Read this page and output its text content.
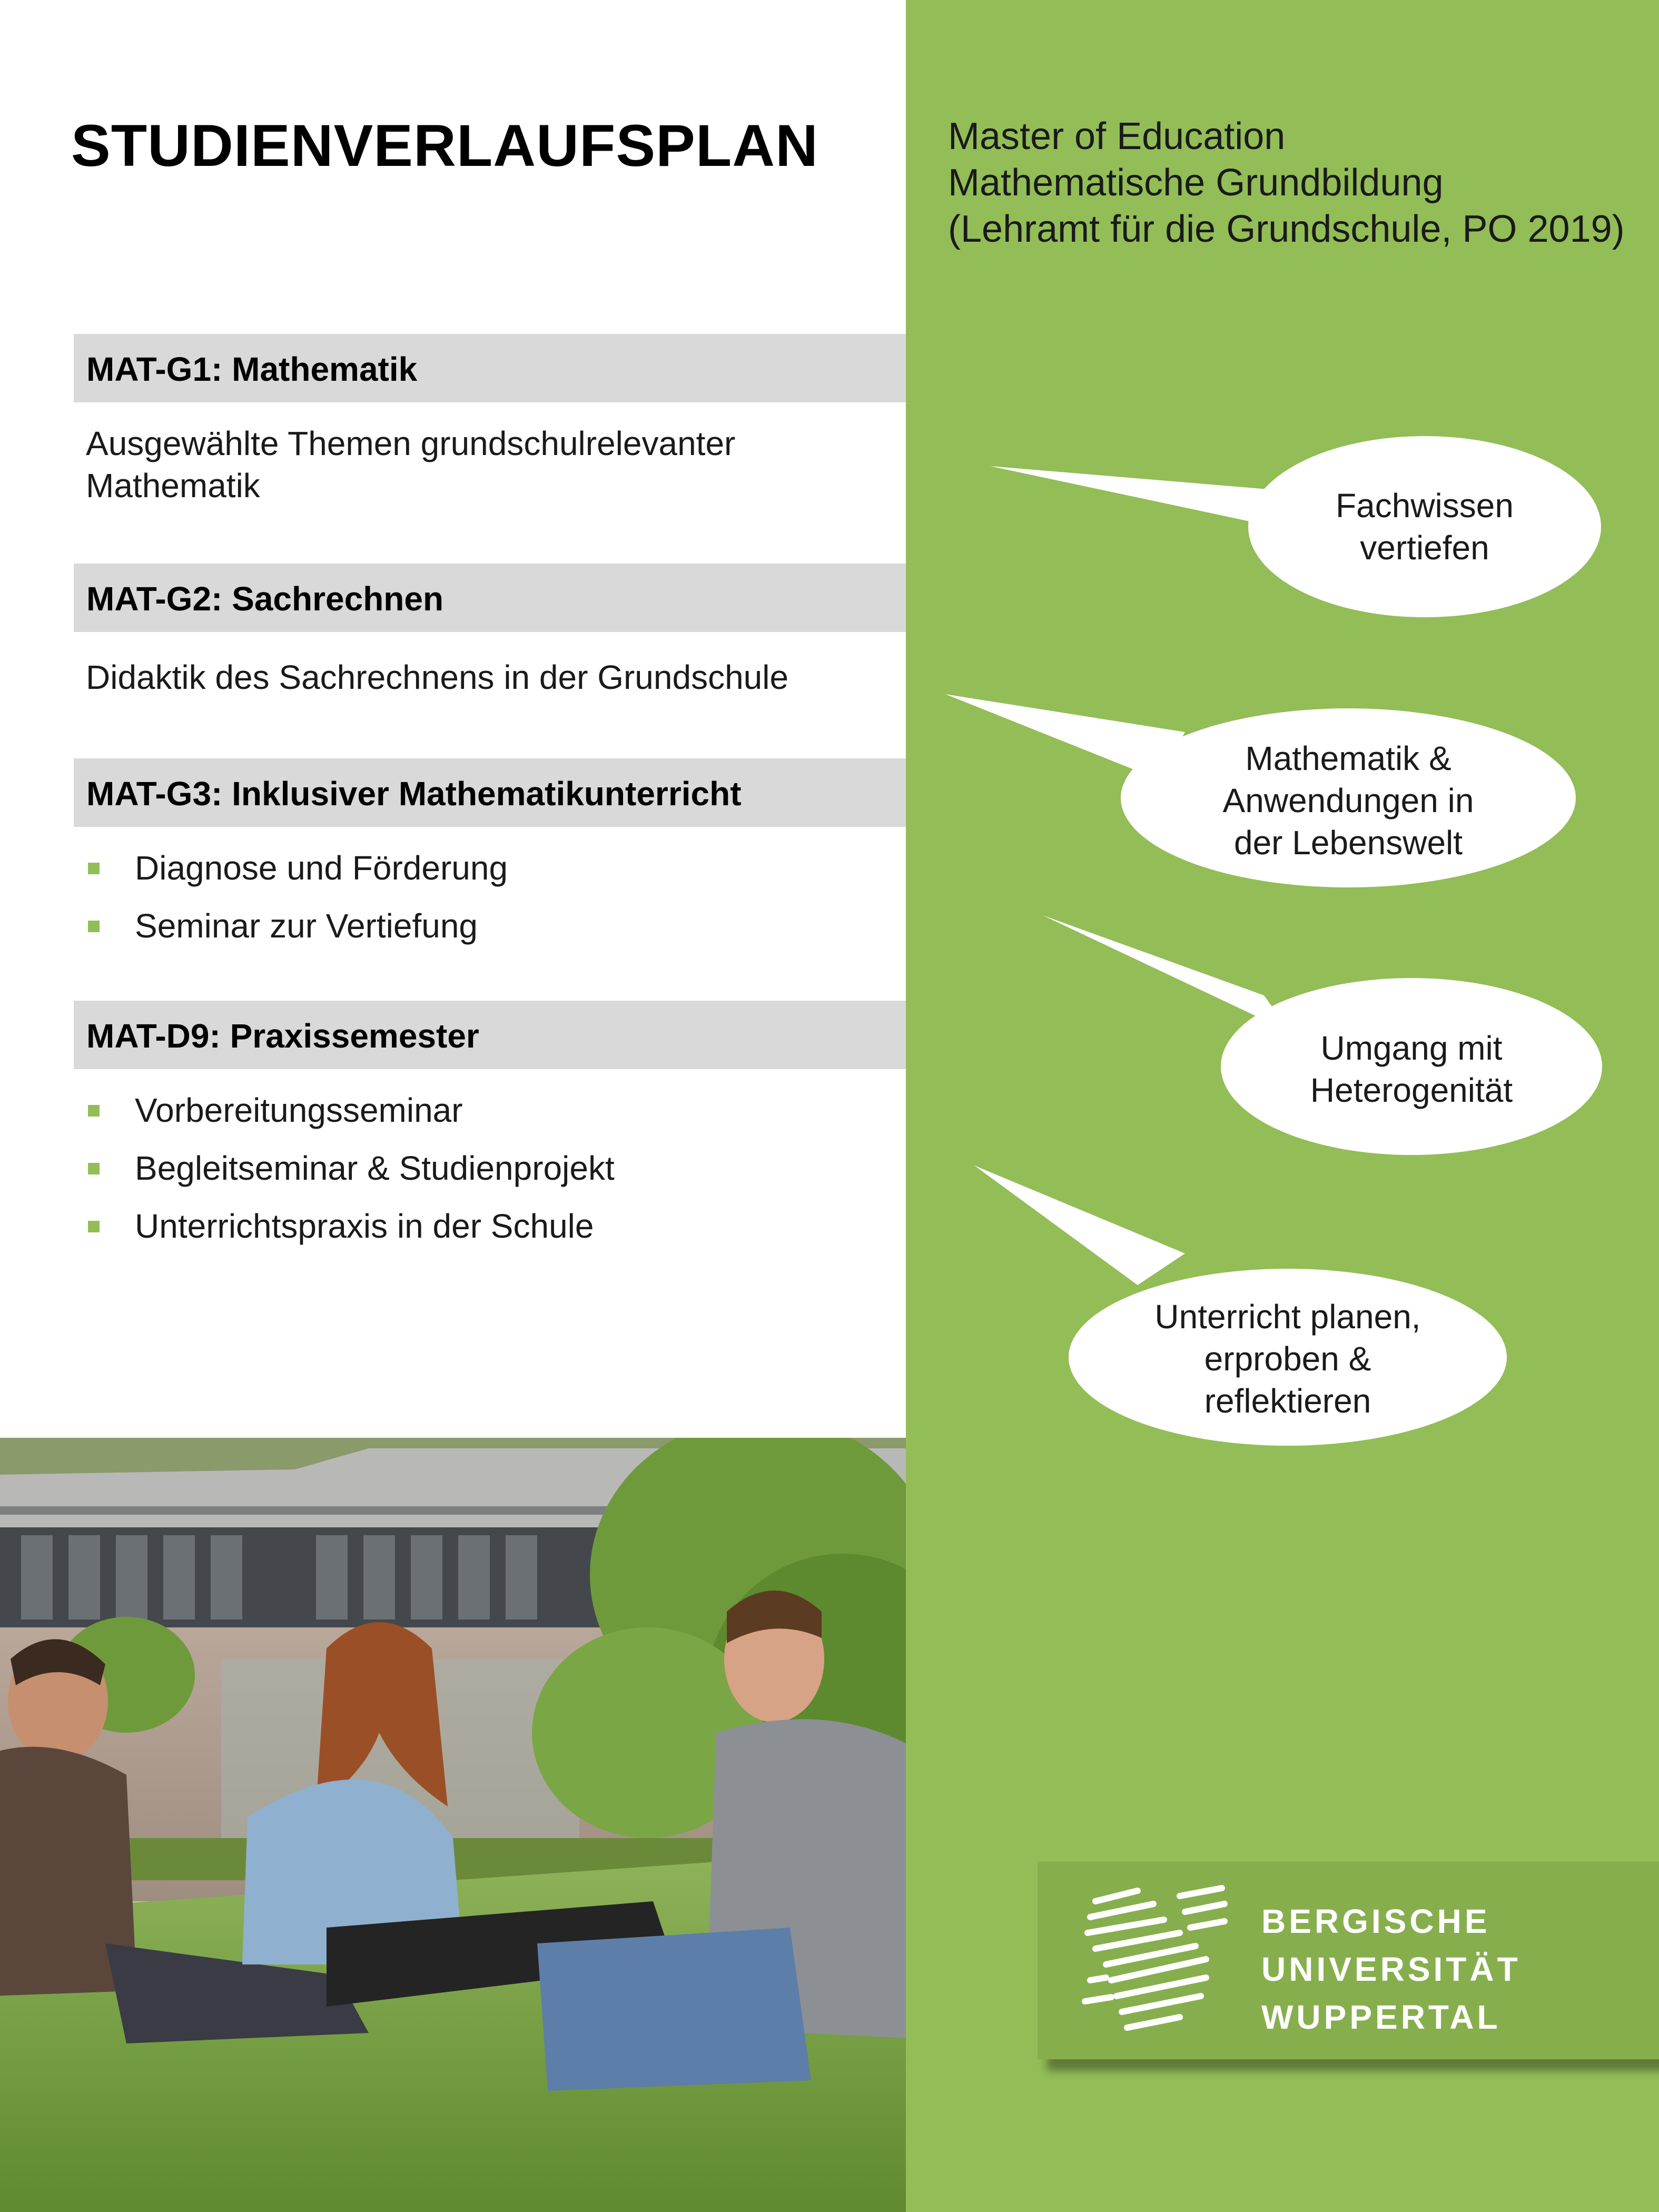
STUDIENVERLAUFSPLAN	Master of Education
Mathematische Grundbildung
(Lehramt für die Grundschule, PO 2019)
MAT-G1: Mathematik
Ausgewählte Themen grundschulrelevanter
Mathematik
MAT-G2: Sachrechnen
Didaktik des Sachrechnens in der Grundschule
MAT-G3: Inklusiver Mathematikunterricht
Diagnose und Förderung
Seminar zur Vertiefung
MAT-D9: Praxissemester
Vorbereitungsseminar
Begleitseminar & Studienprojekt
Unterrichtspraxis in der Schule
Fachwissen
vertiefen
Mathematik &
Anwendungen in
der Lebenswelt
Umgang mit
Heterogenität
Unterricht planen,
erproben &
reflektieren
BERGISCHE
UNIVERSITÄT
WUPPERTAL
